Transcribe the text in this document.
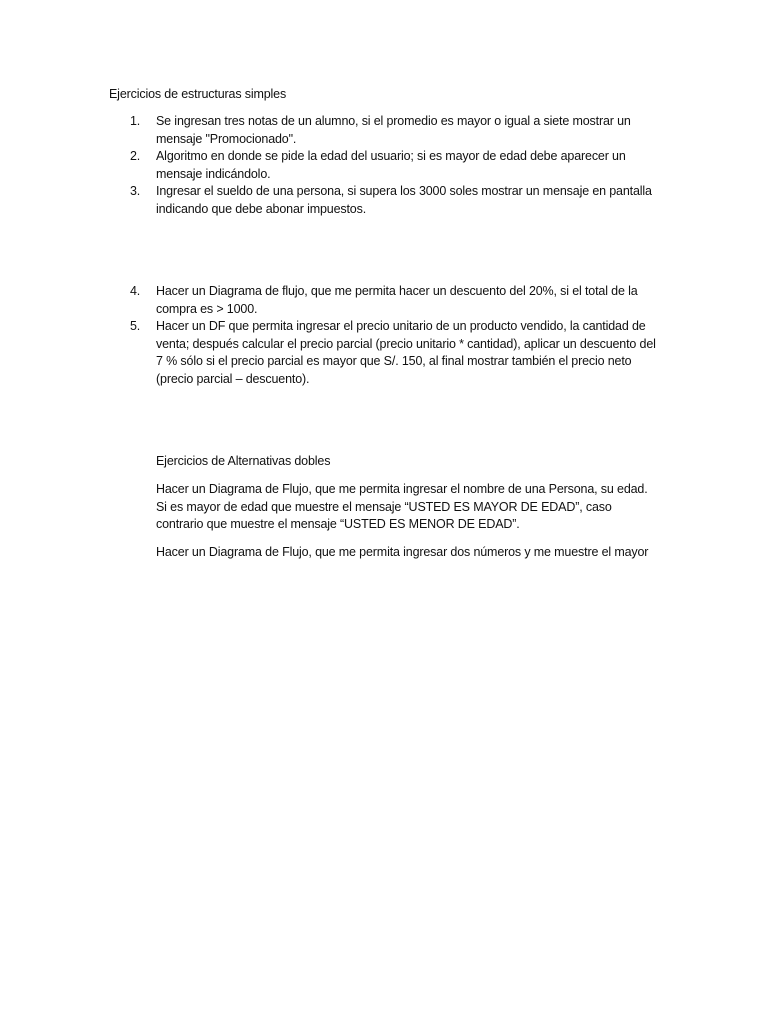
Ejercicios de estructuras simples
1.	Se ingresan tres notas de un alumno, si el promedio es mayor o igual a siete mostrar un mensaje "Promocionado".
2.	Algoritmo en donde se pide la edad del usuario; si es mayor de edad debe aparecer un mensaje indicándolo.
3.	Ingresar el sueldo de una persona, si supera los 3000 soles mostrar un mensaje en pantalla indicando que debe abonar impuestos.
4.	Hacer un Diagrama de flujo, que me permita hacer un descuento del 20%, si el total de la compra es > 1000.
5.	Hacer un DF que permita ingresar el precio unitario de un producto vendido, la cantidad de venta; después calcular el precio parcial (precio unitario * cantidad), aplicar un descuento del 7 % sólo si el precio parcial es mayor que S/. 150, al final mostrar también el precio neto (precio parcial – descuento).
Ejercicios de Alternativas dobles

Hacer un Diagrama de Flujo, que me permita ingresar el nombre de una Persona, su edad. Si es mayor de edad que muestre el mensaje “USTED ES MAYOR DE EDAD”, caso contrario que muestre el mensaje “USTED ES MENOR DE EDAD”.

Hacer un Diagrama de Flujo, que me permita ingresar dos números y me muestre el mayor
